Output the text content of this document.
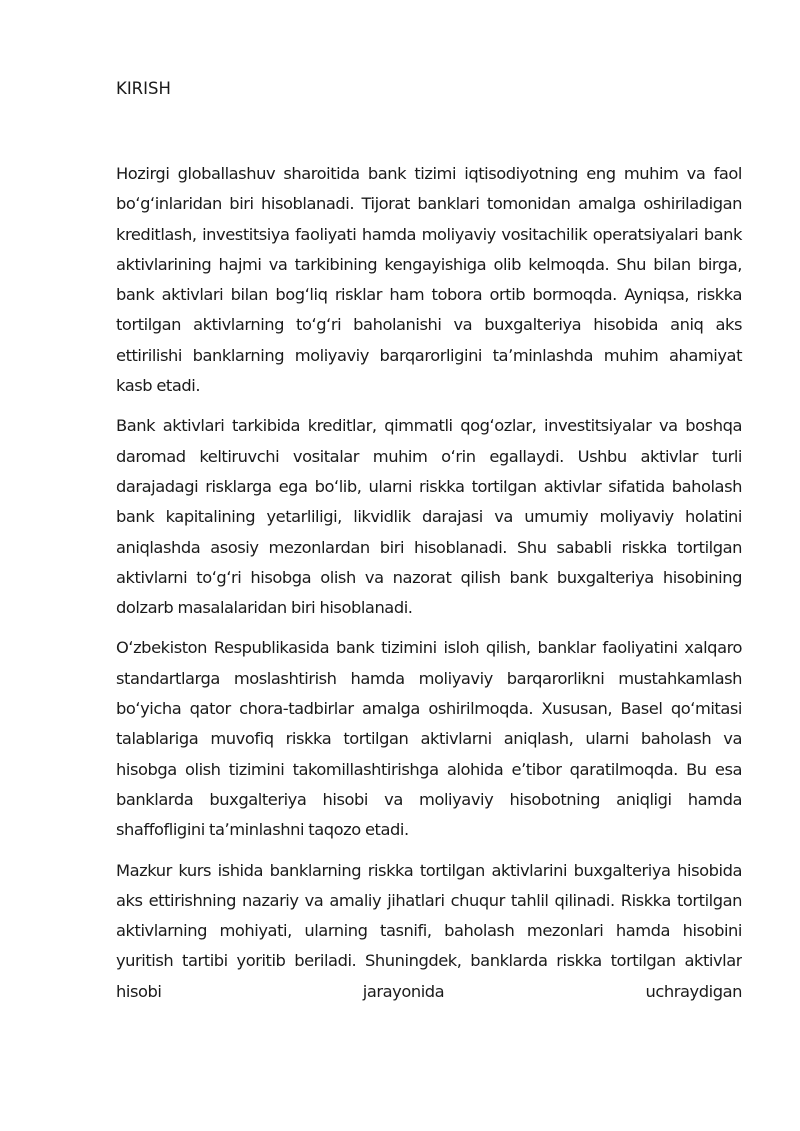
KIRISH

Hozirgi globallashuv sharoitida bank tizimi iqtisodiyotning eng muhim va faol boʻgʻinlaridan biri hisoblanadi. Tijorat banklari tomonidan amalga oshiriladigan kreditlash, investitsiya faoliyati hamda moliyaviy vositachilik operatsiyalari bank aktivlarining hajmi va tarkibining kengayishiga olib kelmoqda. Shu bilan birga, bank aktivlari bilan bogʻliq risklar ham tobora ortib bormoqda. Ayniqsa, riskka tortilgan aktivlarning toʻgʻri baholanishi va buxgalteriya hisobida aniq aks ettirilishi banklarning moliyaviy barqarorligini taʼminlashda muhim ahamiyat kasb etadi.

Bank aktivlari tarkibida kreditlar, qimmatli qogʻozlar, investitsiyalar va boshqa daromad keltiruvchi vositalar muhim oʻrin egallaydi. Ushbu aktivlar turli darajadagi risklarga ega boʻlib, ularni riskka tortilgan aktivlar sifatida baholash bank kapitalining yetarliligi, likvidlik darajasi va umumiy moliyaviy holatini aniqlashda asosiy mezonlardan biri hisoblanadi. Shu sababli riskka tortilgan aktivlarni toʻgʻri hisobga olish va nazorat qilish bank buxgalteriya hisobining dolzarb masalalaridan biri hisoblanadi.

Oʻzbekiston Respublikasida bank tizimini isloh qilish, banklar faoliyatini xalqaro standartlarga moslashtirish hamda moliyaviy barqarorlikni mustahkamlash boʻyicha qator chora-tadbirlar amalga oshirilmoqda. Xususan, Basel qoʻmitasi talablariga muvofiq riskka tortilgan aktivlarni aniqlash, ularni baholash va hisobga olish tizimini takomillashtirishga alohida eʼtibor qaratilmoqda. Bu esa banklarda buxgalteriya hisobi va moliyaviy hisobotning aniqligi hamda shaffofligini taʼminlashni taqozo etadi.

Mazkur kurs ishida banklarning riskka tortilgan aktivlarini buxgalteriya hisobida aks ettirishning nazariy va amaliy jihatlari chuqur tahlil qilinadi. Riskka tortilgan aktivlarning mohiyati, ularning tasnifi, baholash mezonlari hamda hisobini yuritish tartibi yoritib beriladi. Shuningdek, banklarda riskka tortilgan aktivlar hisobi jarayonida uchraydigan
